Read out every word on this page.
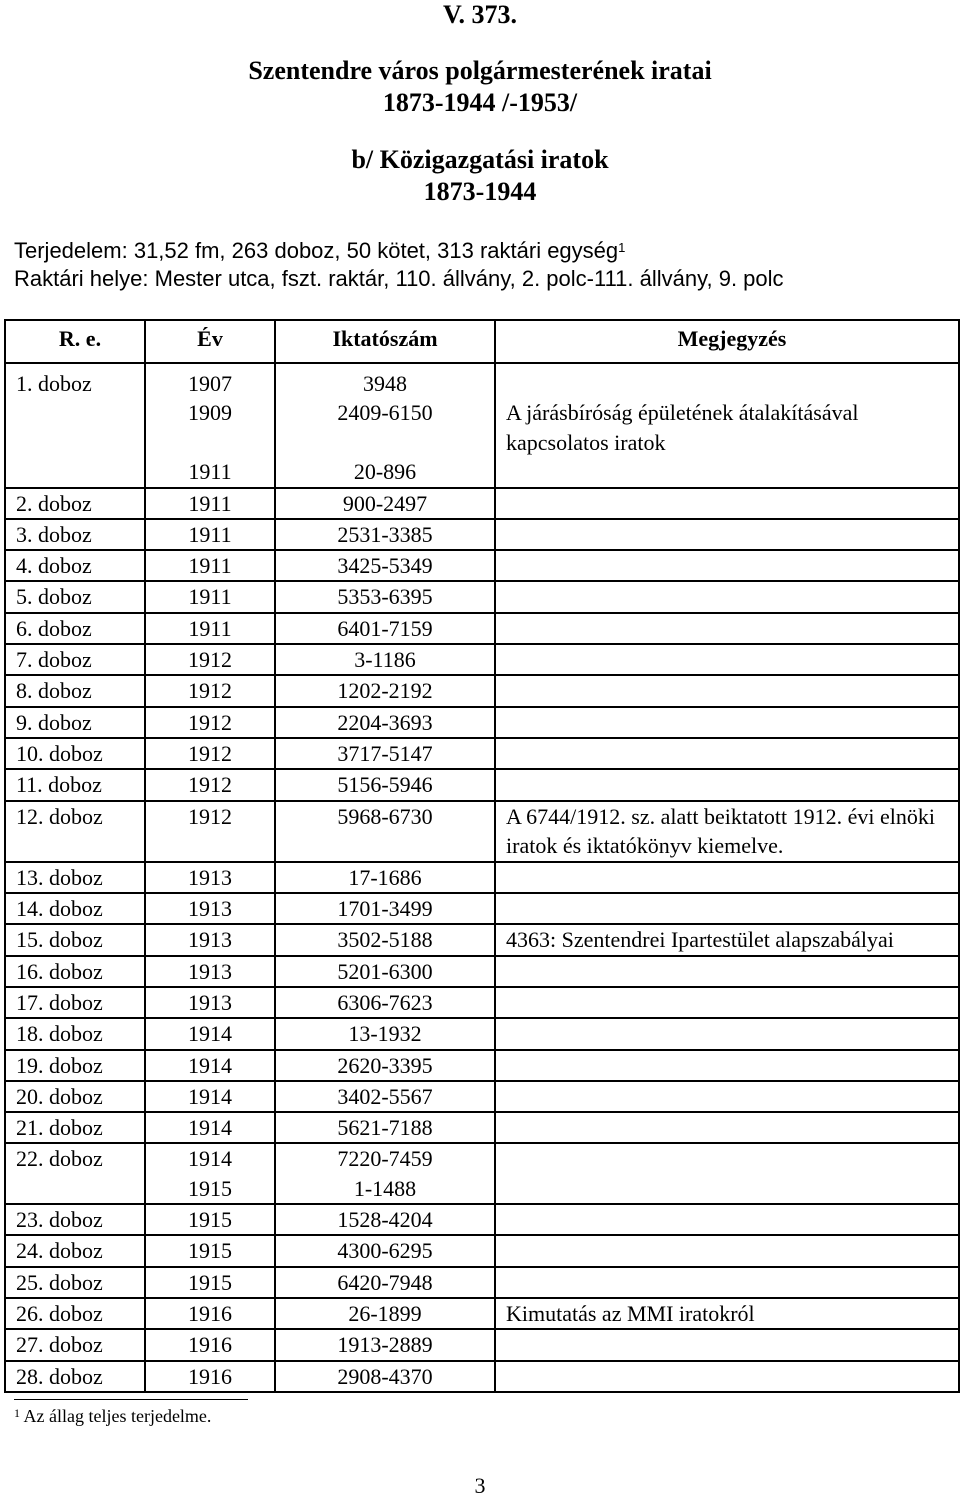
V. 373.
Szentendre város polgármesterének iratai
1873-1944 /-1953/
b/ Közigazgatási iratok
1873-1944

Terjedelem: 31,52 fm, 263 doboz, 50 kötet, 313 raktári egység$^1$

Raktári helye: Mester utca, fszt. raktár, 110. állvány, 2. polc-111. állvány, 9. polc

R. e.	Év	Iktatószám	Megjegyzés
1. doboz	1907	3948	
	1909	2409-6150	A járásbíróság épületének átalakításával kapcsolatos iratok
	1911	20-896	
2. doboz	1911	900-2497	
3. doboz	1911	2531-3385	
4. doboz	1911	3425-5349	
5. doboz	1911	5353-6395	
6. doboz	1911	6401-7159	
7. doboz	1912	3-1186	
8. doboz	1912	1202-2192	
9. doboz	1912	2204-3693	
10. doboz	1912	3717-5147	
11. doboz	1912	5156-5946	
12. doboz	1912	5968-6730	A 6744/1912. sz. alatt beiktatott 1912. évi elnöki iratok és iktatókönyv kiemelve.
13. doboz	1913	17-1686	
14. doboz	1913	1701-3499	
15. doboz	1913	3502-5188	4363: Szentendrei Ipartestület alapszabályai
16. doboz	1913	5201-6300	
17. doboz	1913	6306-7623	
18. doboz	1914	13-1932	
19. doboz	1914	2620-3395	
20. doboz	1914	3402-5567	
21. doboz	1914	5621-7188	
22. doboz	1914	7220-7459	
	1915	1-1488	
23. doboz	1915	1528-4204	
24. doboz	1915	4300-6295	
25. doboz	1915	6420-7948	
26. doboz	1916	26-1899	Kimutatás az MMI iratokról
27. doboz	1916	1913-2889	
28. doboz	1916	2908-4370	

$^1$ Az állag teljes terjedelme.

3
